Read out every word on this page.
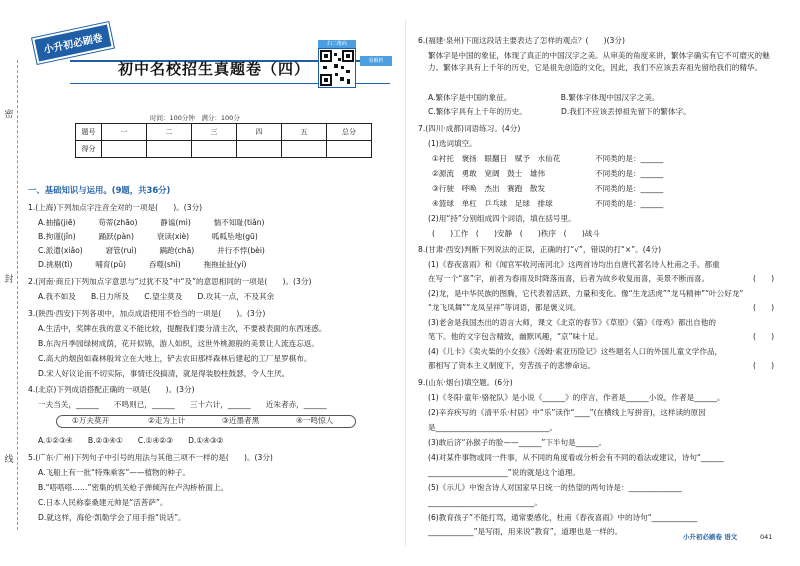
密
封
线
小升初必刷卷
初中名校招生真题卷（四）
扫二维码
看解析
时间：100分钟　满分：100分
题号	一	二	三	四	五	总分
得分						
一、基础知识与运用。(9题，共36分)
1.(上海)下列加点字注音全对的一项是(　　)。(3分)
A.抽搐(jiē)　　　苟蒂(zhāo)　　　静谧(mì)　　　惴不知耻(tiǎn)
B.拘谨(jǐn)　　　踊跃(pàn)　　　衰读(xiè)　　　呱呱坠地(gū)
C.派遣(xiǎo)　　　窘管(ruì)　　　蹒跄(chā)　　　并行不悖(bèi)
D.挑剔(tì)　　　哺育(pǔ)　　　吞噬(shì)　　　拖拖扯扯(yí)
2.(河南·商丘)下列加点字意思与“过犹不及”中“及”的意思相同的一项是(　　)。(3分)
A.我不如及　　B.日力所及　　C.望尘莫及　　D.攻其一点，不及其余
3.(陕西·西安)下列各项中，加点成语使用不恰当的一项是(　　)。(3分)
A.生活中，奖牌在我的意义不能比较，提醒我们要分清主次，不要被表面的东西迷惑。
B.东沟月季园绿树成荫，花开似锦，游人如织，这世外桃源般的美景让人流连忘返。
C.高大的烟囱如森林般耸立在大地上，铲去农田那样森林后建起的工厂星罗棋布。
D.宋人好议论而不切实际，事情还没搞清，就是得装胶柱鼓瑟，令人生厌。
4.(北京)下列成语搭配正确的一项是(　　)。(3分)
一夫当关，______　　不鸣则已，______　　三十六计，______　　近朱者赤，______
①万夫莫开	②走为上计	③近墨者黑	④一鸣惊人
A.①②③④　　B.②③④①　　C.①④②③　　D.①④③②
5.(广东·广州)下列句子中引号的用法与其他三项不一样的是(　　)。(3分)
A.飞船上有一批“特殊乘客”——植物的种子。
B.“嗒嗒嗒……”密集的机关枪子弹倾泻在卢沟桥桥面上。
C.日本人民称泰桑建元帅是“活菩萨”。
D.就这样，海伦·凯勒学会了用手指“说话”。
6.(福建·泉州)下面这段话主要表达了怎样的观点？(　　)(3分)
繁体字是中国的象征，体现了真正的中国汉字之美。从审美的角度来讲，繁体字确实有它不可磨灭的魅力。繁体字具有上千年的历史，它是祖先创造的文化，因此，我们不应该丢弃祖先留给我们的精华。
A.繁体字是中国的象征。　　　　　　　B.繁体字体现中国汉字之美。
C.繁体字具有上千年的历史。　　　　　D.我们不应该丢掉祖先留下的繁体字。
7.(四川·成都)词语练习。(4分)
(1)选词填空。
①衬托　褒扬　眼翻日　赋予　水仙花	不同类的是：______
②源流　勇敢　宽阔　鼓士　雄伟	不同类的是：______
③行驶　呼唤　杰出　赛跑　散发	不同类的是：______
④篮球　单杠　乒乓球　足球　排球	不同类的是：______
(2)用“持”分别组成四个词语，填在括号里。
(　　)工作　(　　)安静　(　　)秩序　(　　)战斗
8.(甘肃·西安)判断下列说法的正误，正确的打“√”，错误的打“×”。(4分)
(1)《春夜喜雨》和《闻官军收河南河北》这两首诗均出自唐代著名诗人杜甫之手。都重
在写一个“喜”字，前者为春雨及时降落而喜，后者为故乡收复而喜，美景不断而喜。	(　　)
(2)龙，是中华民族的图腾，它代表着活跃、力量和变化。像“生龙活虎”“龙马精神”“叶公好龙”
“龙飞凤舞”“龙凤呈祥”等词语，都是褒义词。	(　　)
(3)老舍是我国杰出的语言大师，课文《北京的春节》《草原》《猫》《母鸡》都出自他的
笔下。他的文字包含精致，幽默风趣，“京”味十足。	(　　)
(4)《儿卡》《卖火柴的小女孩》《汤姆·索亚历险记》这些题名人口的外国儿童文学作品，
都相写了资本主义制度下，穷苦孩子的悲惨命运。	(　　)
9.(山东·烟台)填空题。(6分)
(1)《冬阳·童年·骆驼队》是小说《______》的序言，作者是______小说，作者是______。
(2)辛弃疾写的《清平乐·村居》中“乐”读作“____”(在横线上写拼音)，这样读的原因
是______________________________。
(3)敢后济“孙猴子的脸——______”下半句是______。
(4)对某件事物或同一件事，从不同的角度看或分析会有不同的看法或建议，诗句“______
_____________________”说的就是这个道理。
(5)《示儿》中饱含诗人对国家早日统一的热望的两句诗是：______________
____________________________。
(6)教育孩子“不能打骂，通常要感化，杜甫《春夜喜雨》中的诗句“____________
____________”是写雨，用来说“教育”，道理也是一样的。
小升初必刷卷 语文	041
